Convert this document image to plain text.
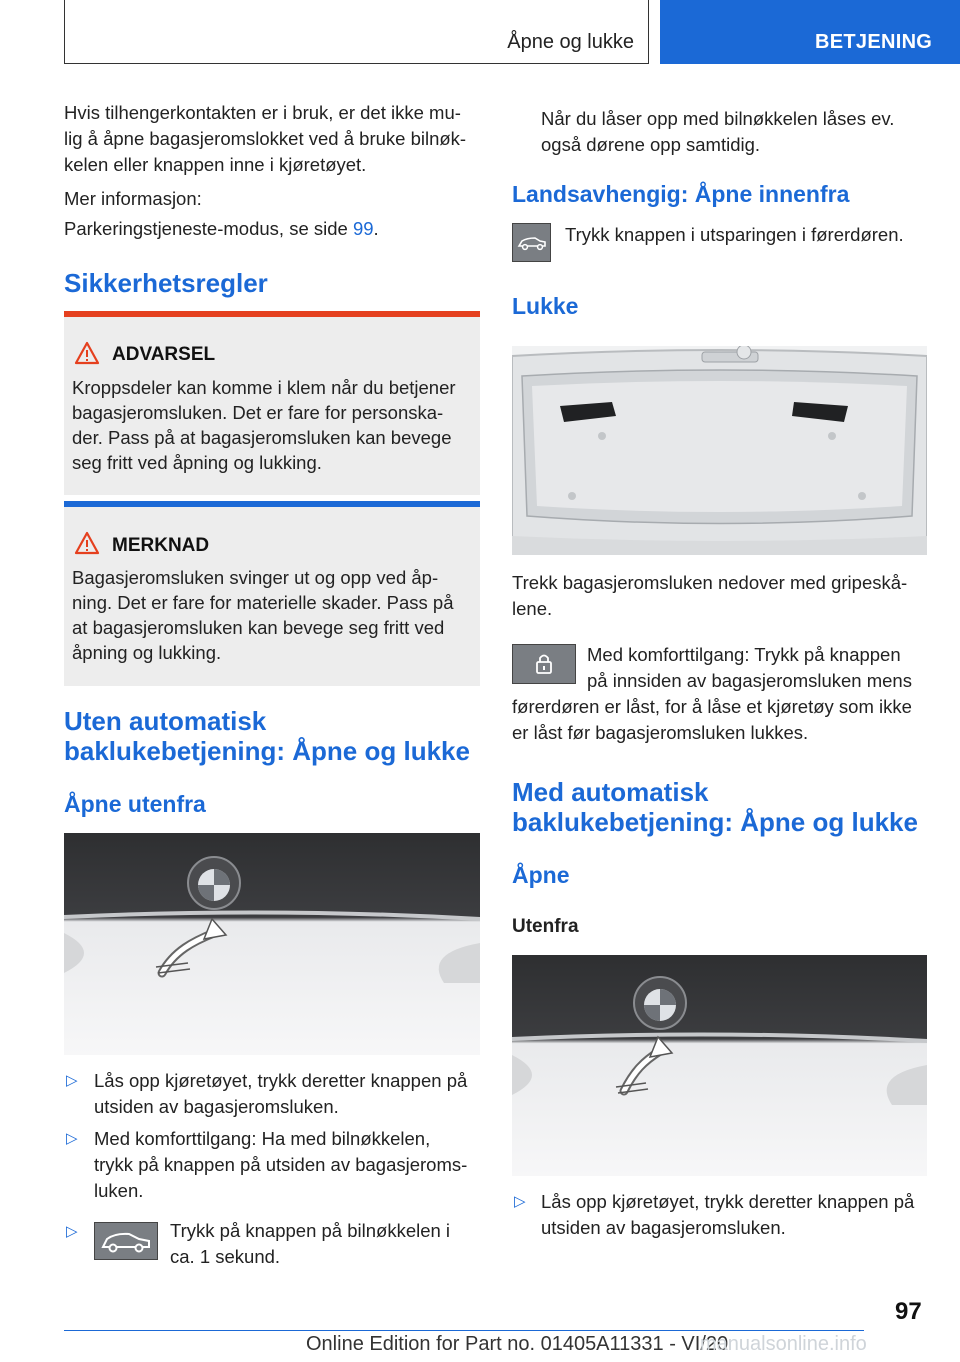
Åpne og lukke	BETJENING

Hvis tilhengerkontakten er i bruk, er det ikke mu-

lig å åpne bagasjeromslokket ved å bruke bilnøk-

kelen eller knappen inne i kjøretøyet.

Mer informasjon:

Parkeringstjeneste-modus, se side 99.

Sikkerhetsregler
ADVARSEL
Kroppsdeler kan komme i klem når du betjener
bagasjeromsluken. Det er fare for personska-
der. Pass på at bagasjeromsluken kan bevege
seg fritt ved åpning og lukking.
MERKNAD
Bagasjeromsluken svinger ut og opp ved åp-
ning. Det er fare for materielle skader. Pass på
at bagasjeromsluken kan bevege seg fritt ved
åpning og lukking.
Uten automatisk
baklukebetjening: Åpne og lukke
Åpne utenfra
▷ Lås opp kjøretøyet, trykk deretter knappen på

utsiden av bagasjeromsluken.

▷ Med komforttilgang: Ha med bilnøkkelen,

trykk på knappen på utsiden av bagasjeroms-

luken.

▷	Trykk på knappen på bilnøkkelen i

ca. 1 sekund.

Når du låser opp med bilnøkkelen låses ev.

også dørene opp samtidig.

Landsavhengig: Åpne innenfra

Trykk knappen i utsparingen i førerdøren.

Lukke

Trekk bagasjeromsluken nedover med gripeskå-

lene.

Med komforttilgang: Trykk på knappen

på innsiden av bagasjeromsluken mens

førerdøren er låst, for å låse et kjøretøy som ikke

er låst før bagasjeromsluken lukkes.

Med automatisk
baklukebetjening: Åpne og lukke
Åpne
Utenfra
▷ Lås opp kjøretøyet, trykk deretter knappen på

utsiden av bagasjeromsluken.

97
Online Edition for Part no. 01405A11331 - VI/20
manualsonline.info
